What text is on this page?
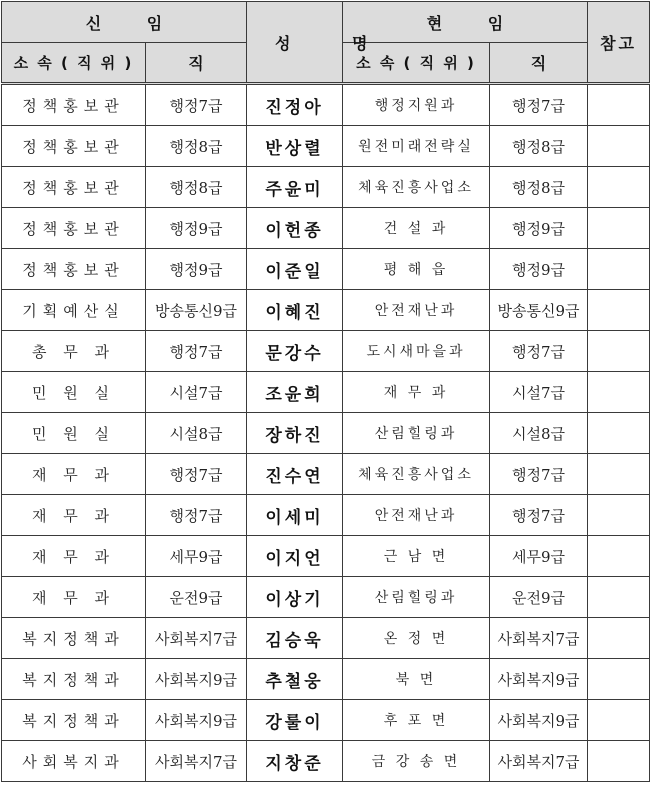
신 임		성 명	현 임		참고
소 속 ( 직 위 )	직		소 속 ( 직 위 )	직	
정책홍보관	행정7급	진정아	행정지원과	행정7급	
정책홍보관	행정8급	반상렬	원전미래전략실	행정8급	
정책홍보관	행정8급	주윤미	체육진흥사업소	행정8급	
정책홍보관	행정9급	이헌종	건 설 과	행정9급	
정책홍보관	행정9급	이준일	평 해 읍	행정9급	
기획예산실	방송통신9급	이혜진	안전재난과	방송통신9급	
총 무 과	행정7급	문강수	도시새마을과	행정7급	
민 원 실	시설7급	조윤희	재 무 과	시설7급	
민 원 실	시설8급	장하진	산림힐링과	시설8급	
재 무 과	행정7급	진수연	체육진흥사업소	행정7급	
재 무 과	행정7급	이세미	안전재난과	행정7급	
재 무 과	세무9급	이지언	근 남 면	세무9급	
재 무 과	운전9급	이상기	산림힐링과	운전9급	
복지정책과	사회복지7급	김승욱	온 정 면	사회복지7급	
복지정책과	사회복지9급	추철웅	북 면	사회복지9급	
복지정책과	사회복지9급	강룰이	후 포 면	사회복지9급	
사회복지과	사회복지7급	지창준	금 강 송 면	사회복지7급	
